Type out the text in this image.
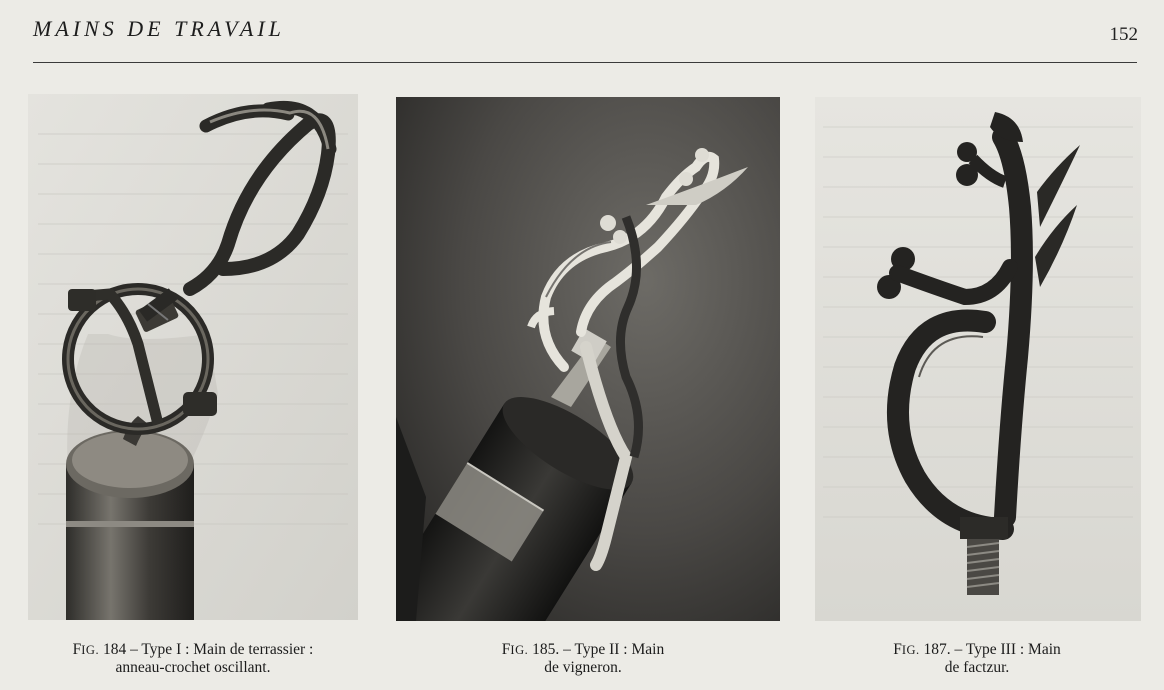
MAINS DE TRAVAIL	152
FIG. 184 – Type I : Main de terrassier :
anneau-crochet oscillant.
FIG. 185. – Type II : Main
de vigneron.
FIG. 187. – Type III : Main
de factzur.
